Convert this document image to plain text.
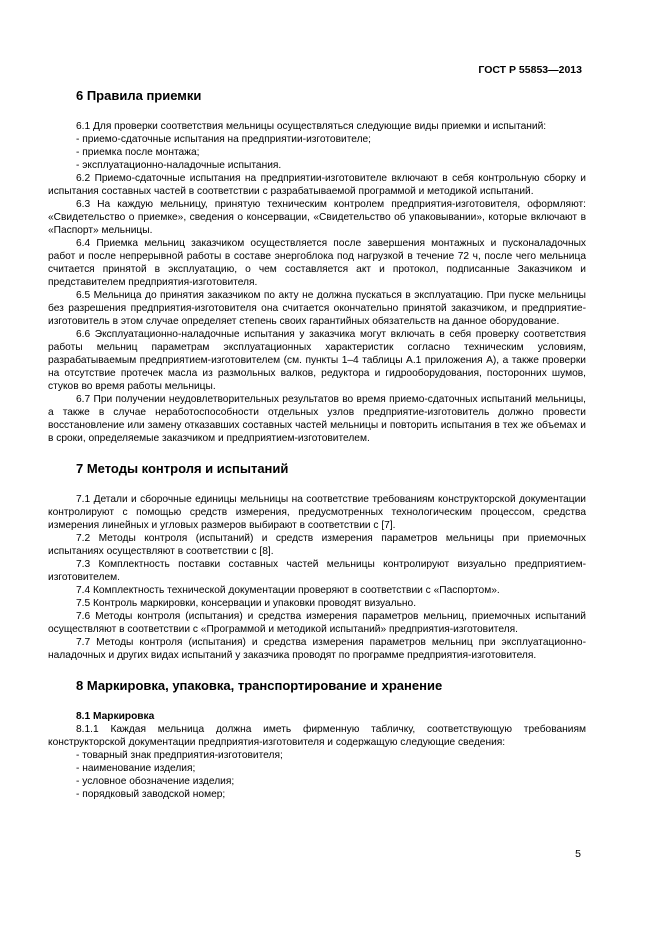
ГОСТ Р 55853—2013
6 Правила приемки

6.1 Для проверки соответствия мельницы осуществляться следующие виды приемки и испытаний:

- приемо-сдаточные испытания на предприятии-изготовителе;

- приемка после монтажа;

- эксплуатационно-наладочные испытания.

6.2 Приемо-сдаточные испытания на предприятии-изготовителе включают в себя контрольную сборку и испытания составных частей в соответствии с разрабатываемой программой и методикой испытаний.

6.3 На каждую мельницу, принятую техническим контролем предприятия-изготовителя, оформляют: «Свидетельство о приемке», сведения о консервации, «Свидетельство об упаковывании», которые включают в «Паспорт» мельницы.

6.4 Приемка мельниц заказчиком осуществляется после завершения монтажных и пусконаладочных работ и после непрерывной работы в составе энергоблока под нагрузкой в течение 72 ч, после чего мельница считается принятой в эксплуатацию, о чем составляется акт и протокол, подписанные Заказчиком и представителем предприятия-изготовителя.

6.5 Мельница до принятия заказчиком по акту не должна пускаться в эксплуатацию. При пуске мельницы без разрешения предприятия-изготовителя она считается окончательно принятой заказчиком, и предприятие-изготовитель в этом случае определяет степень своих гарантийных обязательств на данное оборудование.

6.6 Эксплуатационно-наладочные испытания у заказчика могут включать в себя проверку соответствия работы мельниц параметрам эксплуатационных характеристик согласно техническим условиям, разрабатываемым предприятием-изготовителем (см. пункты 1–4 таблицы А.1 приложения А), а также проверки на отсутствие протечек масла из размольных валков, редуктора и гидрооборудования, посторонних шумов, стуков во время работы мельницы.

6.7 При получении неудовлетворительных результатов во время приемо-сдаточных испытаний мельницы, а также в случае неработоспособности отдельных узлов предприятие-изготовитель должно провести восстановление или замену отказавших составных частей мельницы и повторить испытания в тех же объемах и в сроки, определяемые заказчиком и предприятием-изготовителем.

7 Методы контроля и испытаний

7.1 Детали и сборочные единицы мельницы на соответствие требованиям конструкторской документации контролируют с помощью средств измерения, предусмотренных технологическим процессом, средства измерения линейных и угловых размеров выбирают в соответствии с [7].

7.2 Методы контроля (испытаний) и средств измерения параметров мельницы при приемочных испытаниях осуществляют в соответствии с [8].

7.3 Комплектность поставки составных частей мельницы контролируют визуально предприятием-изготовителем.

7.4 Комплектность технической документации проверяют в соответствии с «Паспортом».

7.5 Контроль маркировки, консервации и упаковки проводят визуально.

7.6 Методы контроля (испытания) и средства измерения параметров мельниц, приемочных испытаний осуществляют в соответствии с «Программой и методикой испытаний» предприятия-изготовителя.

7.7 Методы контроля (испытания) и средства измерения параметров мельниц при эксплуатационно-наладочных и других видах испытаний у заказчика проводят по программе предприятия-изготовителя.

8 Маркировка, упаковка, транспортирование и хранение

8.1 Маркировка

8.1.1 Каждая мельница должна иметь фирменную табличку, соответствующую требованиям конструкторской документации предприятия-изготовителя и содержащую следующие сведения:

- товарный знак предприятия-изготовителя;

- наименование изделия;

- условное обозначение изделия;

- порядковый заводской номер;

5
